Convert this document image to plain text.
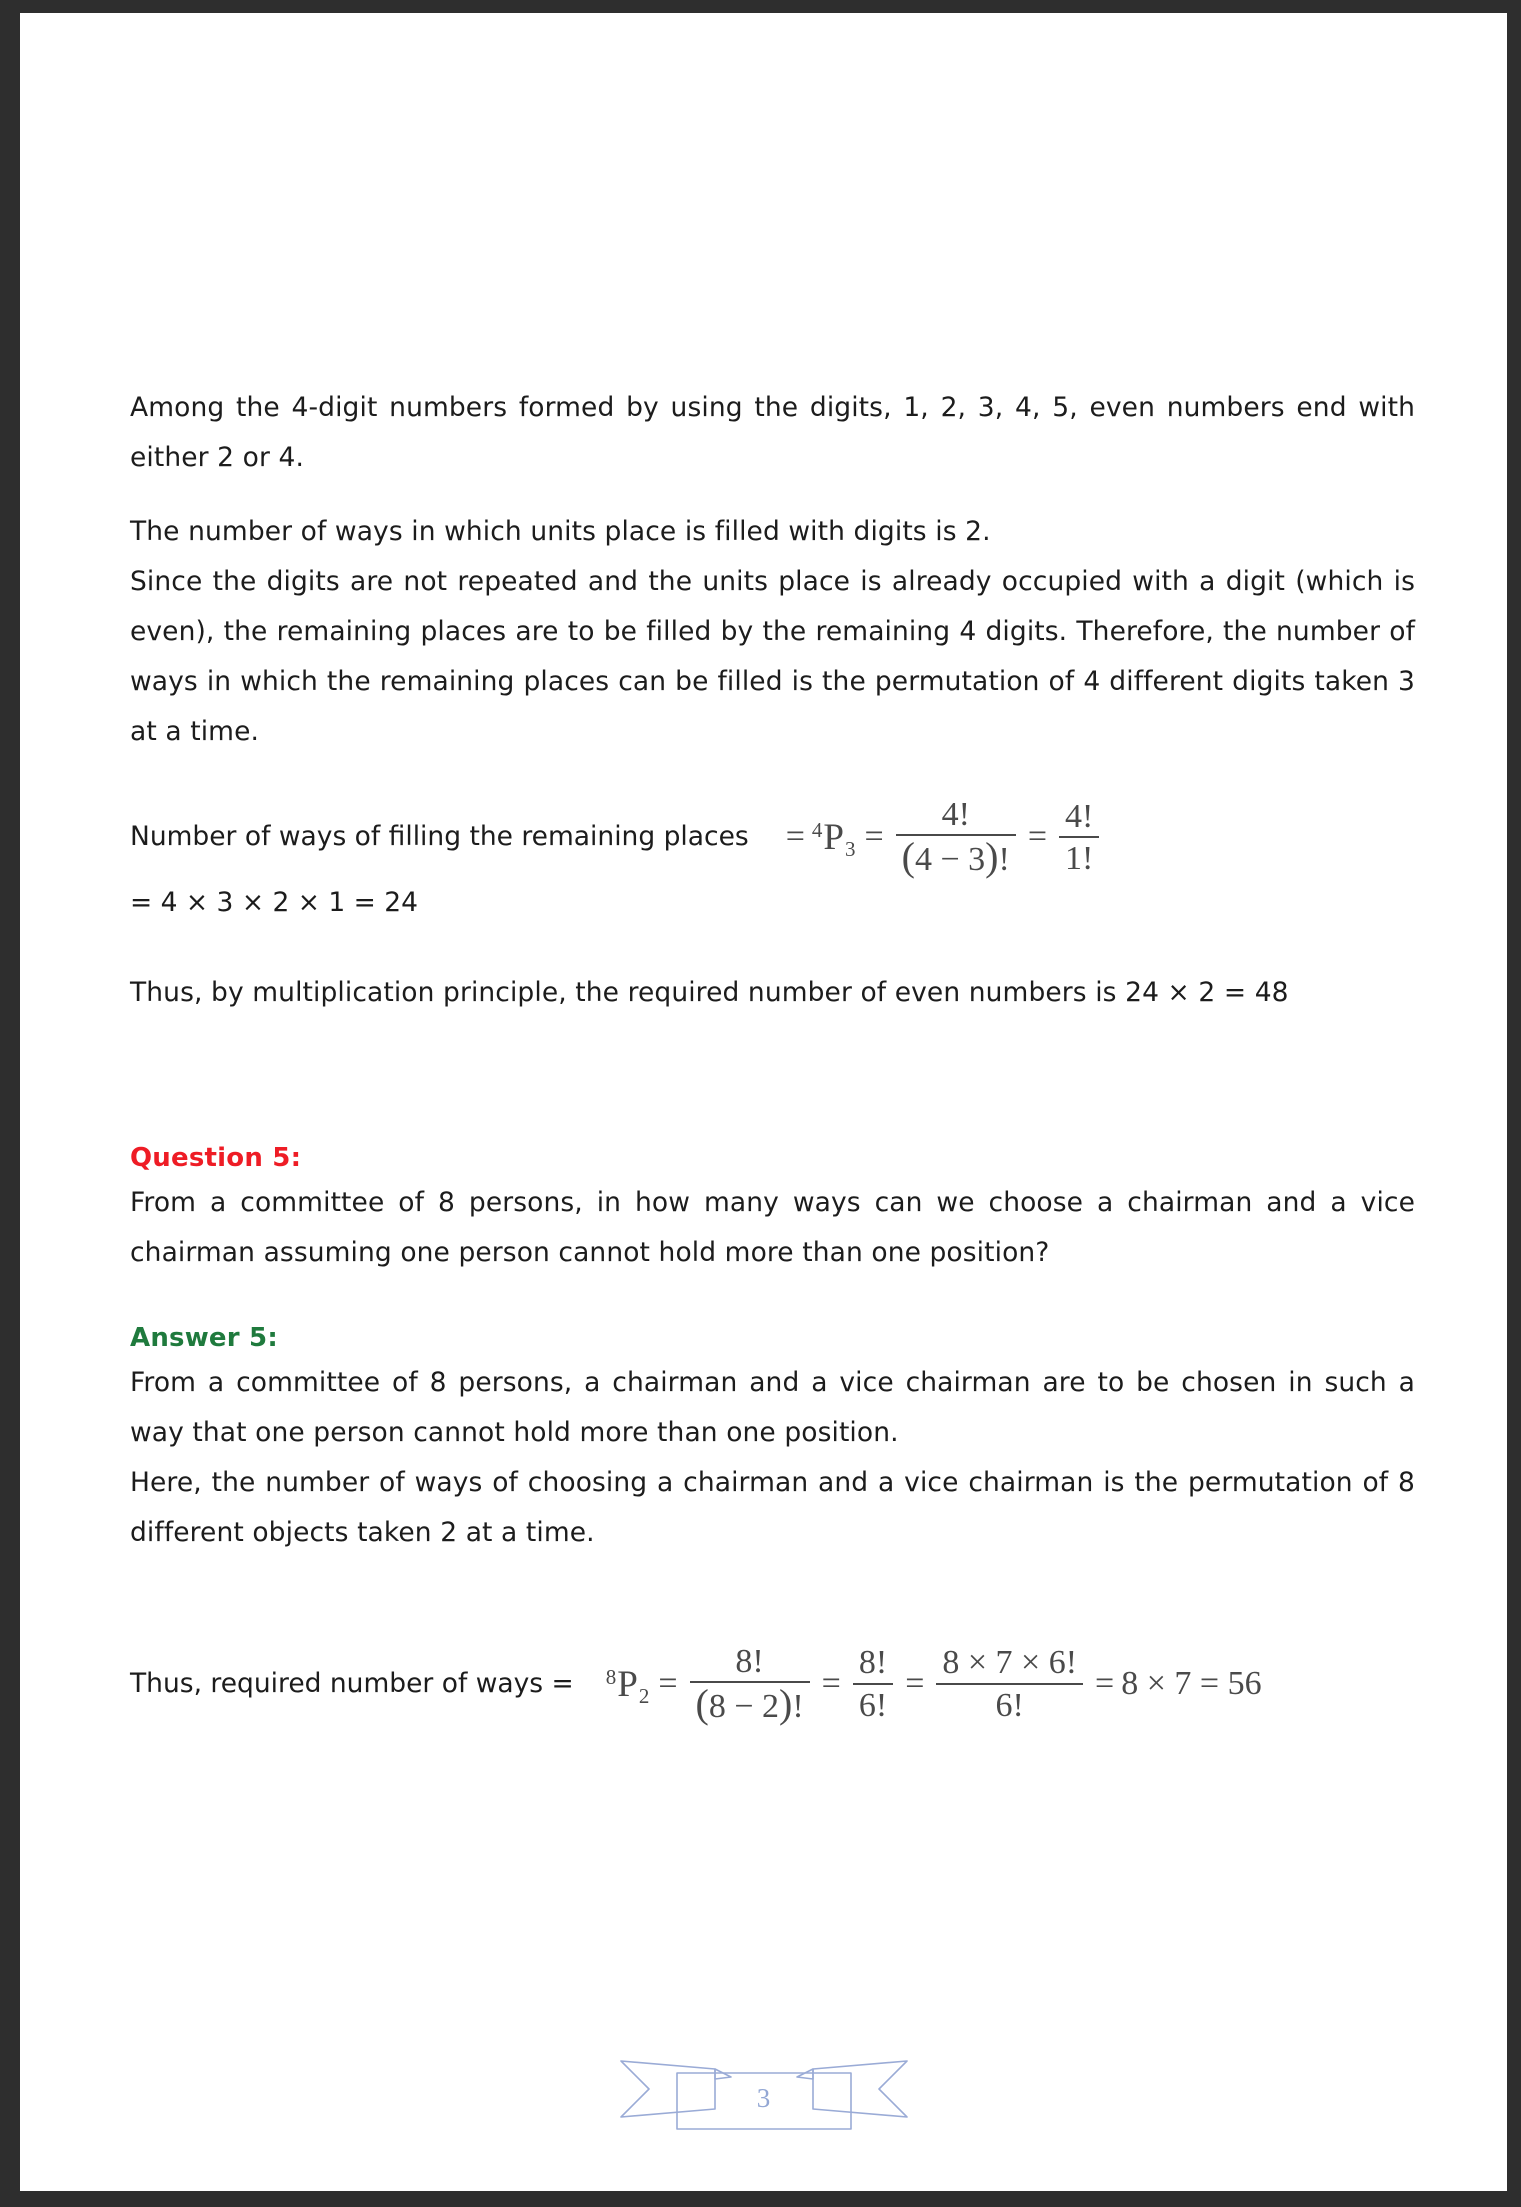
Among the 4-digit numbers formed by using the digits, 1, 2, 3, 4, 5, even numbers end with either 2 or 4.

The number of ways in which units place is filled with digits is 2.

Since the digits are not repeated and the units place is already occupied with a digit (which is even), the remaining places are to be filled by the remaining 4 digits. Therefore, the number of ways in which the remaining places can be filled is the permutation of 4 different digits taken 3 at a time.

Number of ways of filling the remaining places = 4 P $3 = \frac{4!}{(4 - 3)!} = \frac{4!}{1!}$
= 4 × 3 × 2 × 1 = 24

Thus, by multiplication principle, the required number of even numbers is 24 × 2 = 48

Question 5:

From a committee of 8 persons, in how many ways can we choose a chairman and a vice chairman assuming one person cannot hold more than one position?

Answer 5:

From a committee of 8 persons, a chairman and a vice chairman are to be chosen in such a way that one person cannot hold more than one position.

Here, the number of ways of choosing a chairman and a vice chairman is the permutation of 8 different objects taken 2 at a time.

Thus, required number of ways = 8 P $2 = \frac{8!}{(8 - 2)!} = \frac{8!}{6!} = \frac{8 \times 7 \times 6!}{6!} = 8 \times 7 = 56$
3
